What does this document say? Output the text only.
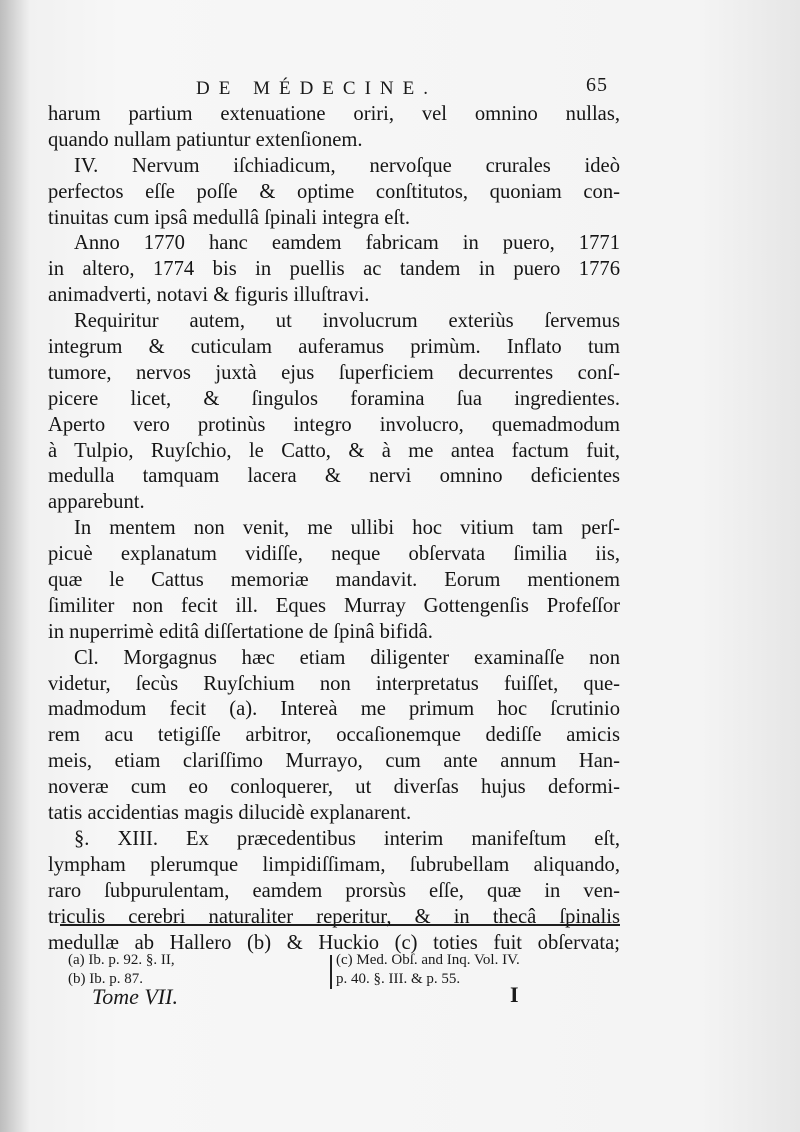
DE MÉDECINE.	65
harum partium extenuatione oriri, vel omnino nullas,
quando nullam patiuntur extenſionem.
IV. Nervum iſchiadicum, nervoſque crurales ideò
perfectos eſſe poſſe & optime conſtitutos, quoniam con-
tinuitas cum ipsâ medullâ ſpinali integra eſt.
Anno 1770 hanc eamdem fabricam in puero, 1771
in altero, 1774 bis in puellis ac tandem in puero 1776
animadverti, notavi & figuris illuſtravi.
Requiritur autem, ut involucrum exteriùs ſervemus
integrum & cuticulam auferamus primùm. Inflato tum
tumore, nervos juxtà ejus ſuperficiem decurrentes conſ-
picere licet, & ſingulos foramina ſua ingredientes.
Aperto vero protinùs integro involucro, quemadmodum
à Tulpio, Ruyſchio, le Catto, & à me antea factum fuit,
medulla tamquam lacera & nervi omnino deficientes
apparebunt.
In mentem non venit, me ullibi hoc vitium tam perſ-
picuè explanatum vidiſſe, neque obſervata ſimilia iis,
quæ le Cattus memoriæ mandavit. Eorum mentionem
ſimiliter non fecit ill. Eques Murray Gottengenſis Profeſſor
in nuperrimè editâ diſſertatione de ſpinâ bifidâ.
Cl. Morgagnus hæc etiam diligenter examinaſſe non
videtur, ſecùs Ruyſchium non interpretatus fuiſſet, que-
madmodum fecit (a). Intereà me primum hoc ſcrutinio
rem acu tetigiſſe arbitror, occaſionemque dediſſe amicis
meis, etiam clariſſimo Murrayo, cum ante annum Han-
noveræ cum eo conloquerer, ut diverſas hujus deformi-
tatis accidentias magis dilucidè explanarent.
§. XIII. Ex præcedentibus interim manifeſtum eſt,
lympham plerumque limpidiſſimam, ſubrubellam aliquando,
raro ſubpurulentam, eamdem prorsùs eſſe, quæ in ven-
triculis cerebri naturaliter reperitur, & in thecâ ſpinalis
medullæ ab Hallero (b) & Huckio (c) toties fuit obſervata;
(a) Ib. p. 92. §. II,
(b) Ib. p. 87.
(c) Med. Obſ. and Inq. Vol. IV.
p. 40. §. III. & p. 55.
Tome VII.	I
